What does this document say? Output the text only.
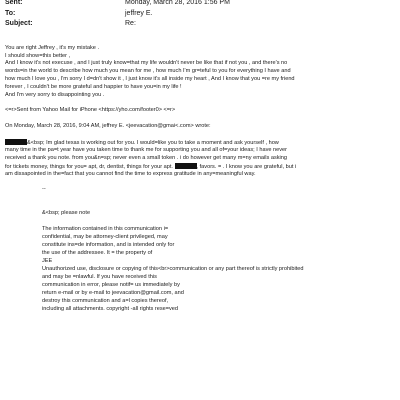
Sent:	Monday, March 28, 2016 1:56 PM
To:	jeffrey E.
Subject:	Re:
You are right Jeffrey , it's my mistake .
I should show=this better ,
And I know it's not execuse , and I just truly know=that my life wouldn't never be like that if not you , and there's no
words=in the world to describe how much you mean for me , how much I'm gr=teful to you for everything I have and
how much I love you , I'm sorry I d=dn't show it , I just know it's all inside my heart , And I know that you =re my friend
forever , I couldn't be more grateful and happier to have you=in my life !
And I'm very sorry to disappointing you .
<=r>Sent from Yahoo Mail for iPhone <https://yho.com/footer0> <=r>
On Monday, March 28, 2016, 9:04 AM, jeffrey E. <jeevacation@gmai<.com> wrote:
&<bsp; Im glad texas is working out for you. I would=like you to take a moment and ask yourself , how
many time in the pa=t year have you taken time to thank me for supporting you and all of=your ideas; I have never
received a thank you note. from you&n=sp; never even a small token . i do however get many m=ny emails asking
for tickets money, things for you= apt, dr, dentist, things for your apt.	, favors. = . I know you are grateful, but i
am dissapointed in the=fact that you cannot find the time to express gratitude in any=meaningful way.
--
&<bsp; please note
The information contained in this communication i=
confidential, may be attorney-client privileged, may
constitute ins=de information, and is intended only for
the use of the addressee. It = the property of
JEE
Unauthorized use, disclosure or copying of this<br>communication or any part thereof is strictly prohibited
and may be =nlawful. If you have received this
communication in error, please notif= us immediately by
return e-mail or by e-mail to jeevacation@gmail.com, and
destroy this communication and a=l copies thereof,
including all attachments. copyright -all rights rese=ved
